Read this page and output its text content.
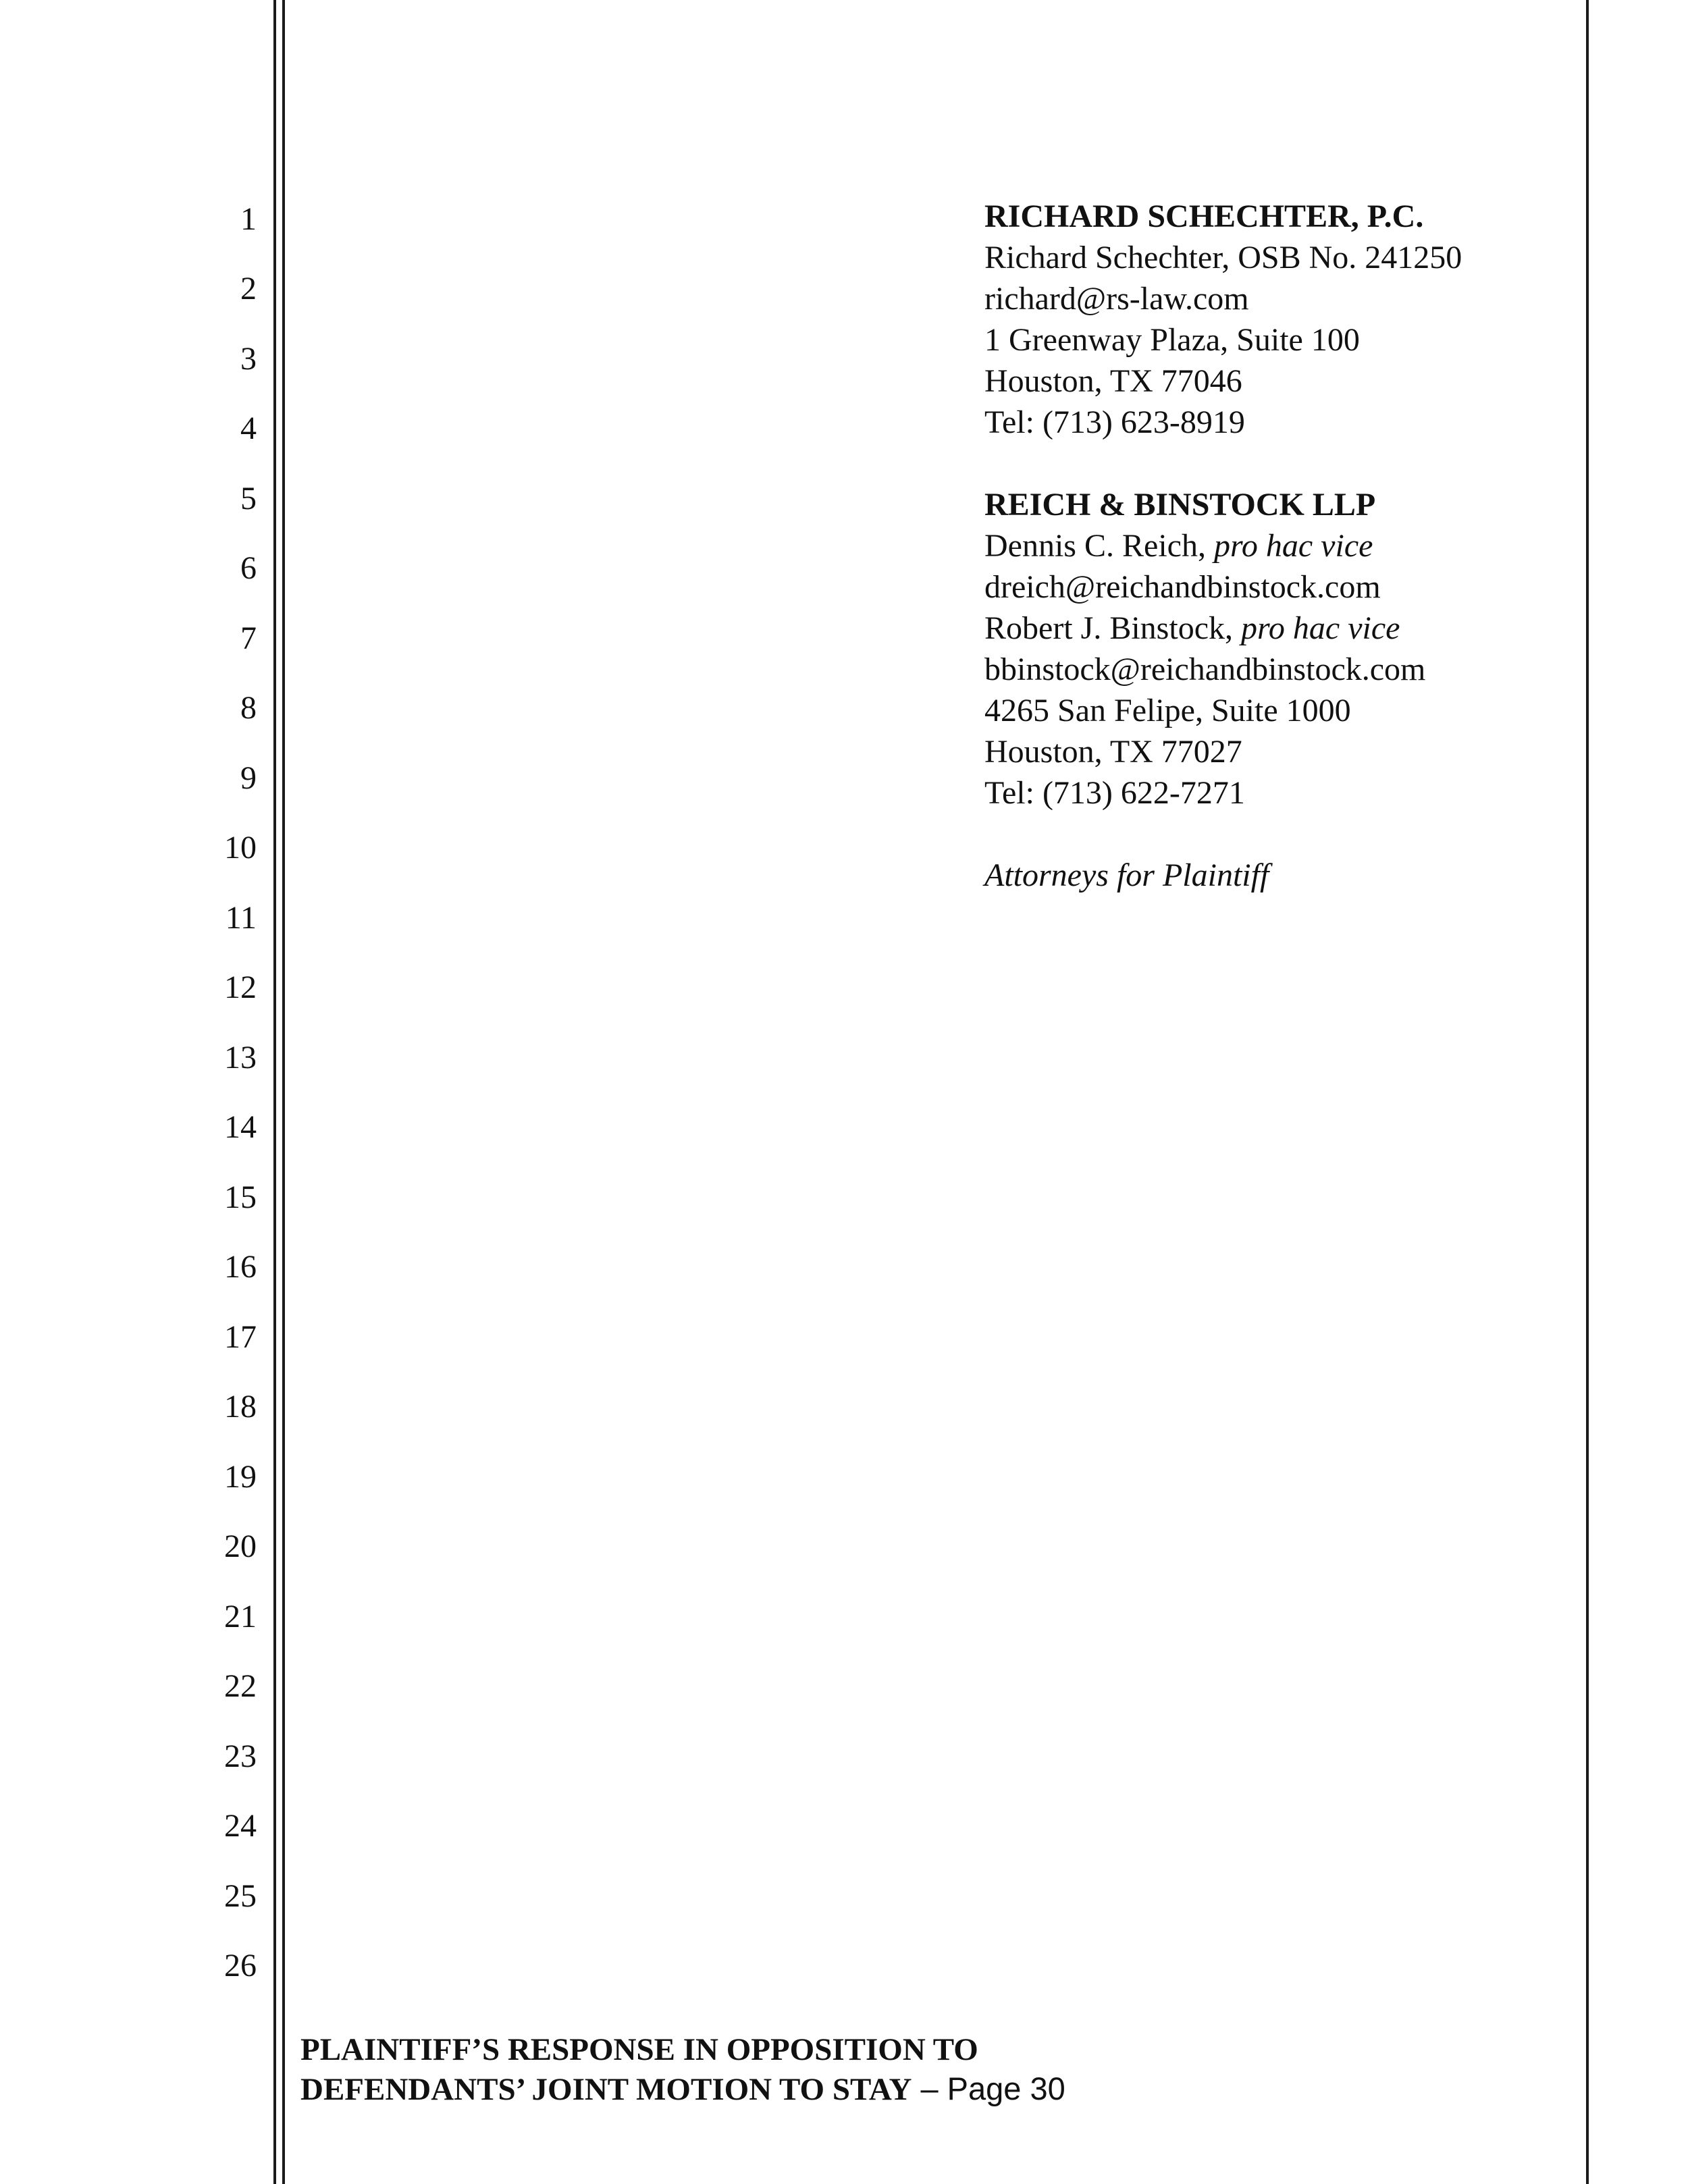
1
2
3
4
5
6
7
8
9
10
11
12
13
14
15
16
17
18
19
20
21
22
23
24
25
26
RICHARD SCHECHTER, P.C.
Richard Schechter, OSB No. 241250
richard@rs-law.com
1 Greenway Plaza, Suite 100
Houston, TX 77046
Tel: (713) 623-8919
REICH & BINSTOCK LLP
Dennis C. Reich, pro hac vice
dreich@reichandbinstock.com
Robert J. Binstock, pro hac vice
bbinstock@reichandbinstock.com
4265 San Felipe, Suite 1000
Houston, TX 77027
Tel: (713) 622-7271
Attorneys for Plaintiff
PLAINTIFF’S RESPONSE IN OPPOSITION TO
DEFENDANTS’ JOINT MOTION TO STAY – Page 30
